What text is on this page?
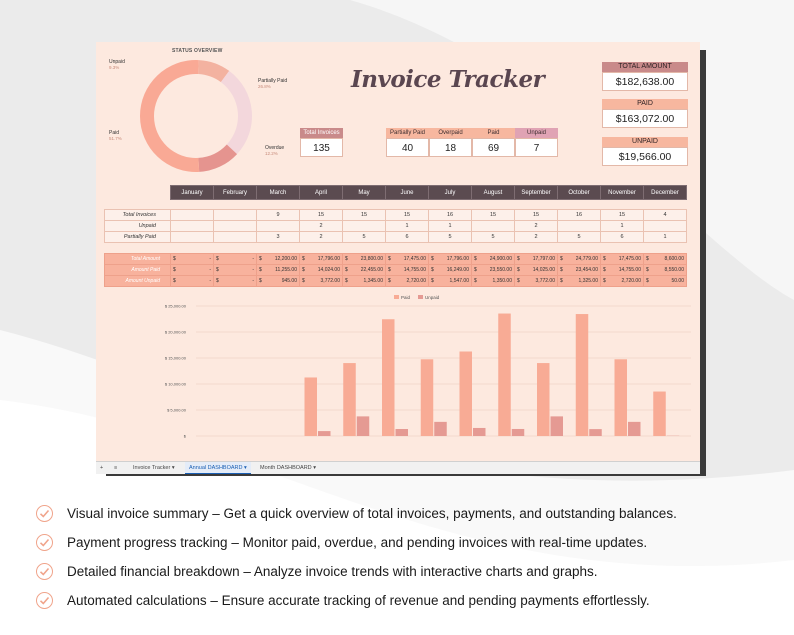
STATUS OVERVIEW
Unpaid
9.3%
Partially Paid
26.8%
Overdue
12.2%
Paid
51.7%
Invoice Tracker
Total Invoices
135
Partially Paid
40
Overpaid
18
Paid
69
Unpaid
7
TOTAL AMOUNT
$182,638.00
PAID
$163,072.00
UNPAID
$19,566.00
January	February	March	April	May	June	July	August	September	October	November	December
Total Invoices			9	15	15	15	16	15	15	16	15	4
Unpaid				2		1	1		2		1	
Partially Paid			3	2	5	6	5	5	2	5	6	1
Total Amount	$ -	$ -	$ 12,200.00	$ 17,796.00	$ 23,800.00	$ 17,475.00	$ 17,796.00	$ 24,900.00	$ 17,797.00	$ 24,779.00	$ 17,475.00	$ 8,600.00

Amount Paid	$ -	$ -	$ 11,255.00	$ 14,024.00	$ 22,455.00	$ 14,755.00	$ 16,249.00	$ 23,550.00	$ 14,025.00	$ 23,454.00	$ 14,755.00	$ 8,550.00

Amount Unpaid	$ -	$ -	$ 945.00	$ 3,772.00	$ 1,345.00	$ 2,720.00	$ 1,547.00	$ 1,350.00	$ 3,772.00	$ 1,325.00	$ 2,720.00	$ 50.00
Paid	Unpaid
$
$ 5,000.00
$ 10,000.00
$ 15,000.00
$ 20,000.00
$ 25,000.00
+	≡	Invoice Tracker ▾	Annual DASHBOARD ▾	Month DASHBOARD ▾
Visual invoice summary – Get a quick overview of total invoices, payments, and outstanding balances.
Payment progress tracking – Monitor paid, overdue, and pending invoices with real-time updates.
Detailed financial breakdown – Analyze invoice trends with interactive charts and graphs.
Automated calculations – Ensure accurate tracking of revenue and pending payments effortlessly.
